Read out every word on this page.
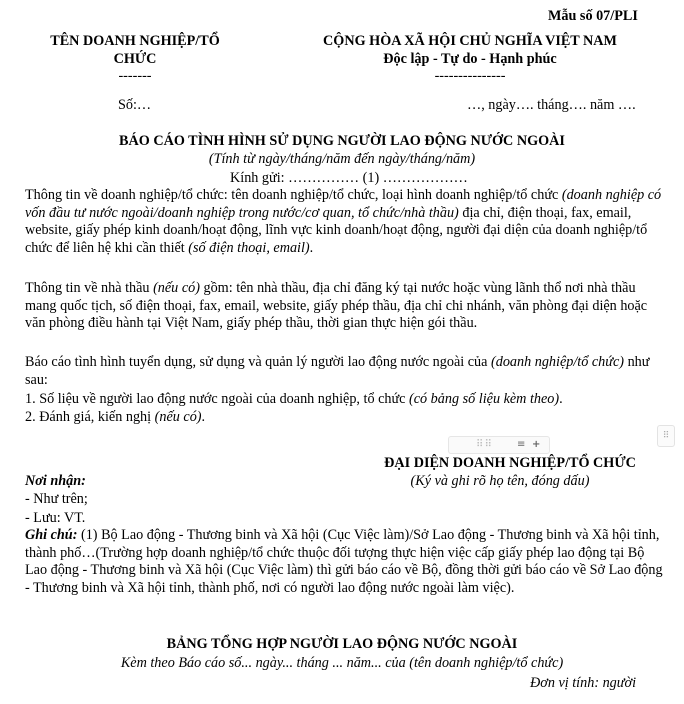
Mẫu số 07/PLI
TÊN DOANH NGHIỆP/TỔ
CHỨC
-------
Số:…
CỘNG HÒA XÃ HỘI CHỦ NGHĨA VIỆT NAM
Độc lập - Tự do - Hạnh phúc
---------------
…, ngày…. tháng…. năm ….
BÁO CÁO TÌNH HÌNH SỬ DỤNG NGƯỜI LAO ĐỘNG NƯỚC NGOÀI
(Tính từ ngày/tháng/năm đến ngày/tháng/năm)
Kính gửi: …………… (1) ………………
Thông tin về doanh nghiệp/tổ chức: tên doanh nghiệp/tổ chức, loại hình doanh nghiệp/tổ chức (doanh nghiệp có vốn đầu tư nước ngoài/doanh nghiệp trong nước/cơ quan, tổ chức/nhà thầu) địa chỉ, điện thoại, fax, email, website, giấy phép kinh doanh/hoạt động, lĩnh vực kinh doanh/hoạt động, người đại diện của doanh nghiệp/tổ chức để liên hệ khi cần thiết (số điện thoại, email).
Thông tin về nhà thầu (nếu có) gồm: tên nhà thầu, địa chỉ đăng ký tại nước hoặc vùng lãnh thổ nơi nhà thầu mang quốc tịch, số điện thoại, fax, email, website, giấy phép thầu, địa chỉ chi nhánh, văn phòng đại diện hoặc văn phòng điều hành tại Việt Nam, giấy phép thầu, thời gian thực hiện gói thầu.
Báo cáo tình hình tuyển dụng, sử dụng và quản lý người lao động nước ngoài của (doanh nghiệp/tổ chức) như sau:
1. Số liệu về người lao động nước ngoài của doanh nghiệp, tổ chức (có bảng số liệu kèm theo).
2. Đánh giá, kiến nghị (nếu có).
⠿ ⠿	≡ +
⠿
ĐẠI DIỆN DOANH NGHIỆP/TỔ CHỨC
(Ký và ghi rõ họ tên, đóng dấu)
Nơi nhận:
- Như trên;
- Lưu: VT.
Ghi chú: (1) Bộ Lao động - Thương binh và Xã hội (Cục Việc làm)/Sở Lao động - Thương binh và Xã hội tỉnh, thành phố…(Trường hợp doanh nghiệp/tổ chức thuộc đối tượng thực hiện việc cấp giấy phép lao động tại Bộ Lao động - Thương binh và Xã hội (Cục Việc làm) thì gửi báo cáo về Bộ, đồng thời gửi báo cáo về Sở Lao động - Thương binh và Xã hội tỉnh, thành phố, nơi có người lao động nước ngoài làm việc).
BẢNG TỔNG HỢP NGƯỜI LAO ĐỘNG NƯỚC NGOÀI
Kèm theo Báo cáo số... ngày... tháng ... năm... của (tên doanh nghiệp/tổ chức)
Đơn vị tính: người
